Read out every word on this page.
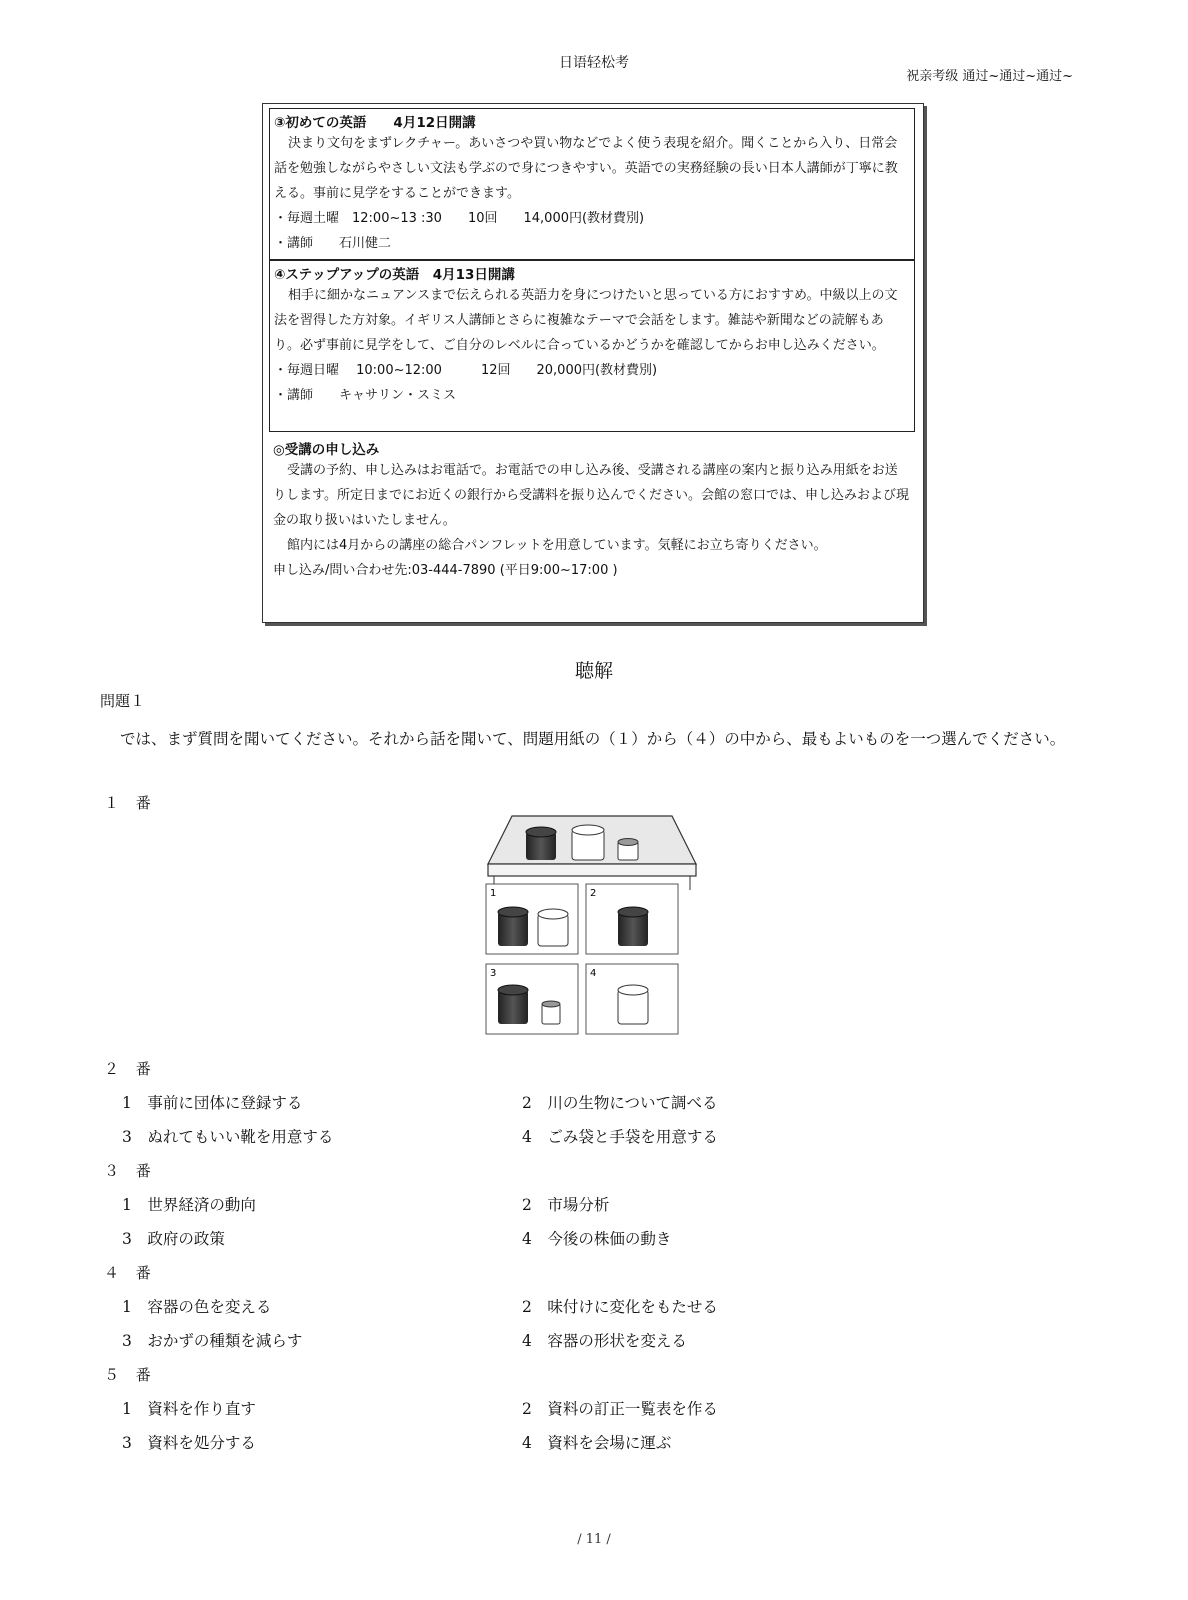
日语轻松考
祝亲考级 通过~通过~通过~
③初めての英語　　4月12日開講
決まり文句をまずレクチャー。あいさつや買い物などでよく使う表現を紹介。聞くことから入り、日常会話を勉強しながらやさしい文法も学ぶので身につきやすい。英語での実務経験の長い日本人講師が丁寧に教える。事前に見学をすることができます。
・毎週土曜　12:00~13 :30　　10回　　14,000円(教材費別)
・講師　　石川健二
④ステップアップの英語　4月13日開講
相手に細かなニュアンスまで伝えられる英語力を身につけたいと思っている方におすすめ。中級以上の文法を習得した方対象。イギリス人講師とさらに複雑なテーマで会話をします。雑誌や新聞などの読解もあり。必ず事前に見学をして、ご自分のレベルに合っているかどうかを確認してからお申し込みください。
・毎週日曜　 10:00~12:00　　　12回　　20,000円(教材費別)
・講師　　キャサリン・スミス
◎受講の申し込み
受講の予約、申し込みはお電話で。お電話での申し込み後、受講される講座の案内と振り込み用紙をお送りします。所定日までにお近くの銀行から受講料を振り込んでください。会館の窓口では、申し込みおよび現金の取り扱いはいたしません。
館内には4月からの講座の総合パンフレットを用意しています。気軽にお立ち寄りください。
申し込み/問い合わせ先:03-444-7890 (平日9:00~17:00 )
聴解
問題１
では、まず質問を聞いてください。それから話を聞いて、問題用紙の（１）から（４）の中から、最もよいものを一つ選んでください。
１ 番
1	2
3	4
２ 番
1　事前に団体に登録する	2　川の生物について調べる
3　ぬれてもいい靴を用意する	4　ごみ袋と手袋を用意する
３ 番
1　世界経済の動向	2　市場分析
3　政府の政策	4　今後の株価の動き
４ 番
1　容器の色を変える	2　味付けに変化をもたせる
3　おかずの種類を減らす	4　容器の形状を変える
５ 番
1　資料を作り直す	2　資料の訂正一覧表を作る
3　資料を処分する	4　資料を会場に運ぶ
/ 11 /
